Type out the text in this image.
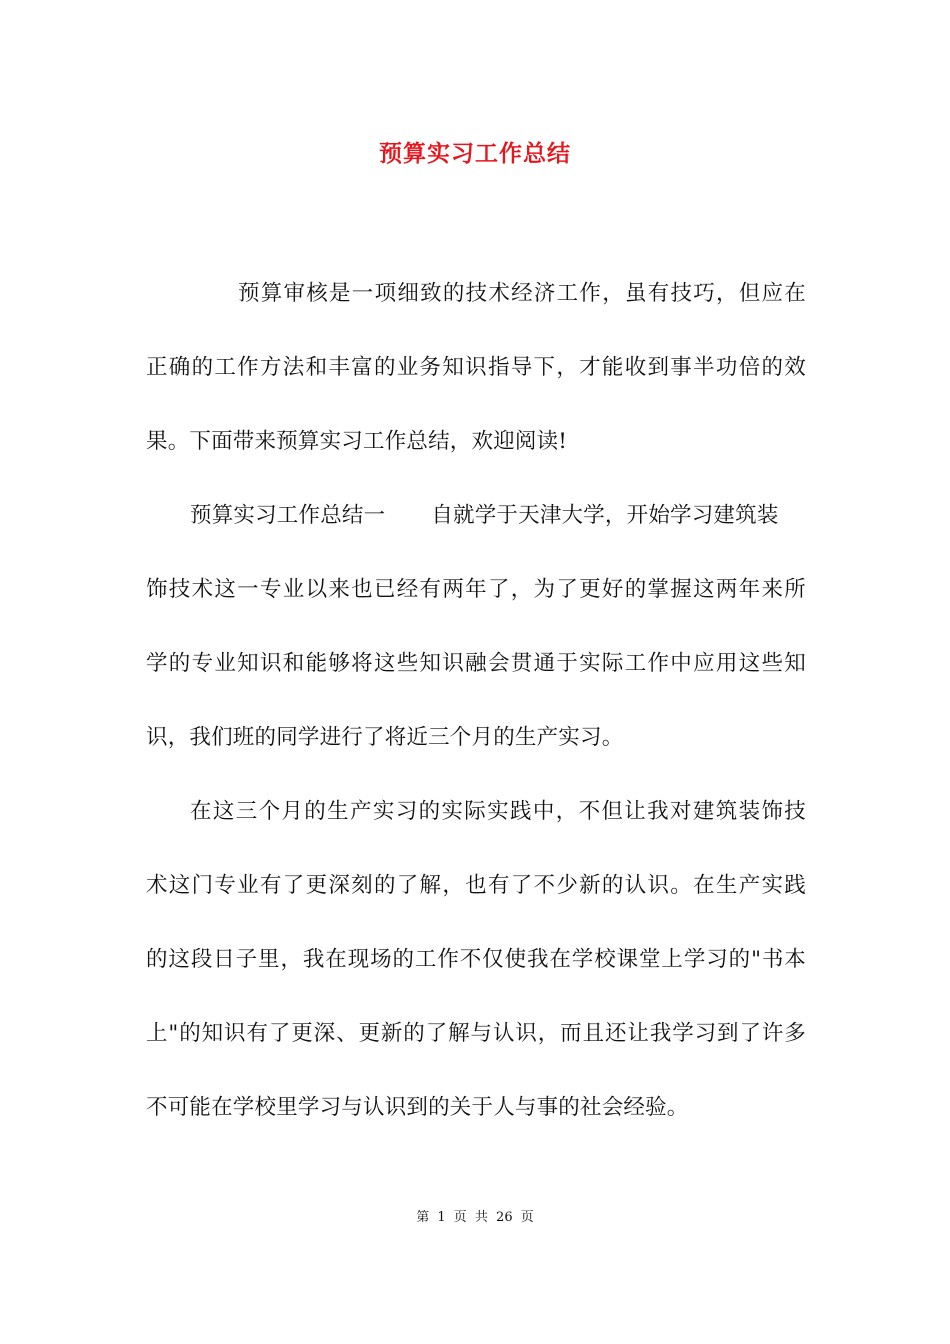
预算实习工作总结
预算审核是一项细致的技术经济工作，虽有技巧，但应在
正确的工作方法和丰富的业务知识指导下，才能收到事半功倍的效
果。下面带来预算实习工作总结，欢迎阅读!
预算实习工作总结一 自就学于天津大学，开始学习建筑装
饰技术这一专业以来也已经有两年了，为了更好的掌握这两年来所
学的专业知识和能够将这些知识融会贯通于实际工作中应用这些知
识，我们班的同学进行了将近三个月的生产实习。
在这三个月的生产实习的实际实践中，不但让我对建筑装饰技
术这门专业有了更深刻的了解，也有了不少新的认识。在生产实践
的这段日子里，我在现场的工作不仅使我在学校课堂上学习的"书本
上"的知识有了更深、更新的了解与认识，而且还让我学习到了许多
不可能在学校里学习与认识到的关于人与事的社会经验。
第 1 页 共 26 页
